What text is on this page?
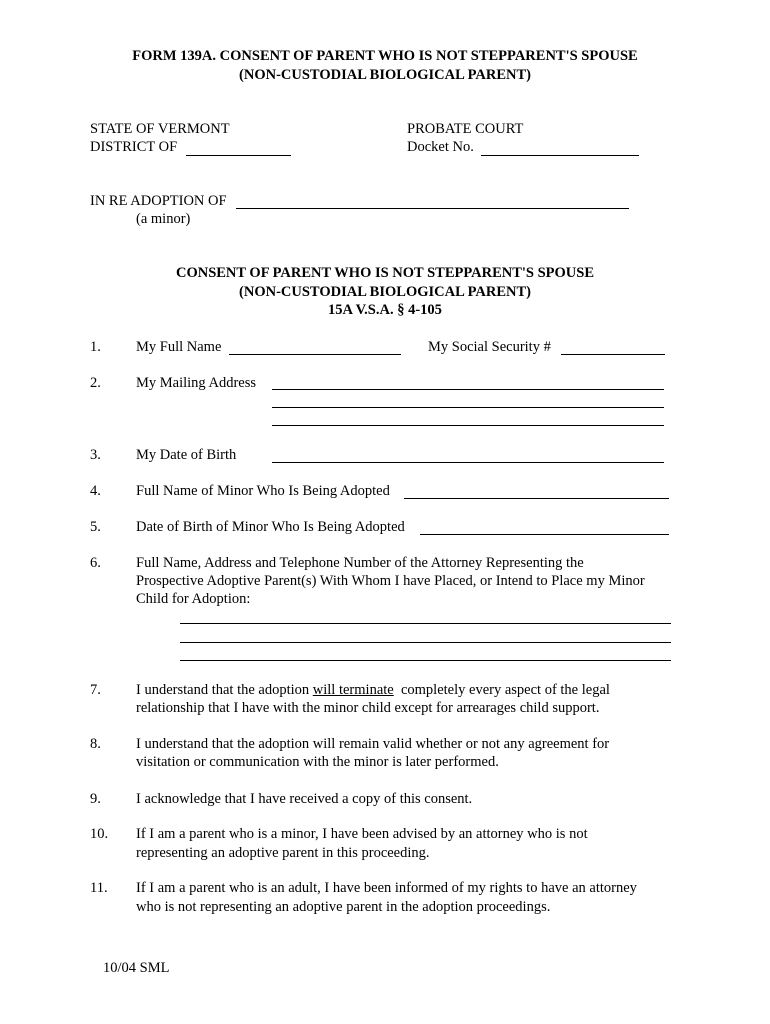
FORM 139A. CONSENT OF PARENT WHO IS NOT STEPPARENT'S SPOUSE
(NON-CUSTODIAL BIOLOGICAL PARENT)
STATE OF VERMONT
DISTRICT OF
PROBATE COURT
Docket No.
IN RE ADOPTION OF
(a minor)
CONSENT OF PARENT WHO IS NOT STEPPARENT'S SPOUSE
(NON-CUSTODIAL BIOLOGICAL PARENT)
15A V.S.A. § 4-105
1. My Full Name	My Social Security #
2. My Mailing Address
3. My Date of Birth
4. Full Name of Minor Who Is Being Adopted
5. Date of Birth of Minor Who Is Being Adopted
6. Full Name, Address and Telephone Number of the Attorney Representing the
Prospective Adoptive Parent(s) With Whom I have Placed, or Intend to Place my Minor
Child for Adoption:
7. I understand that the adoption will terminate  completely every aspect of the legal
relationship that I have with the minor child except for arrearages child support.
8. I understand that the adoption will remain valid whether or not any agreement for
visitation or communication with the minor is later performed.
9. I acknowledge that I have received a copy of this consent.
10. If I am a parent who is a minor, I have been advised by an attorney who is not
representing an adoptive parent in this proceeding.
11. If I am a parent who is an adult, I have been informed of my rights to have an attorney
who is not representing an adoptive parent in the adoption proceedings.
10/04 SML
